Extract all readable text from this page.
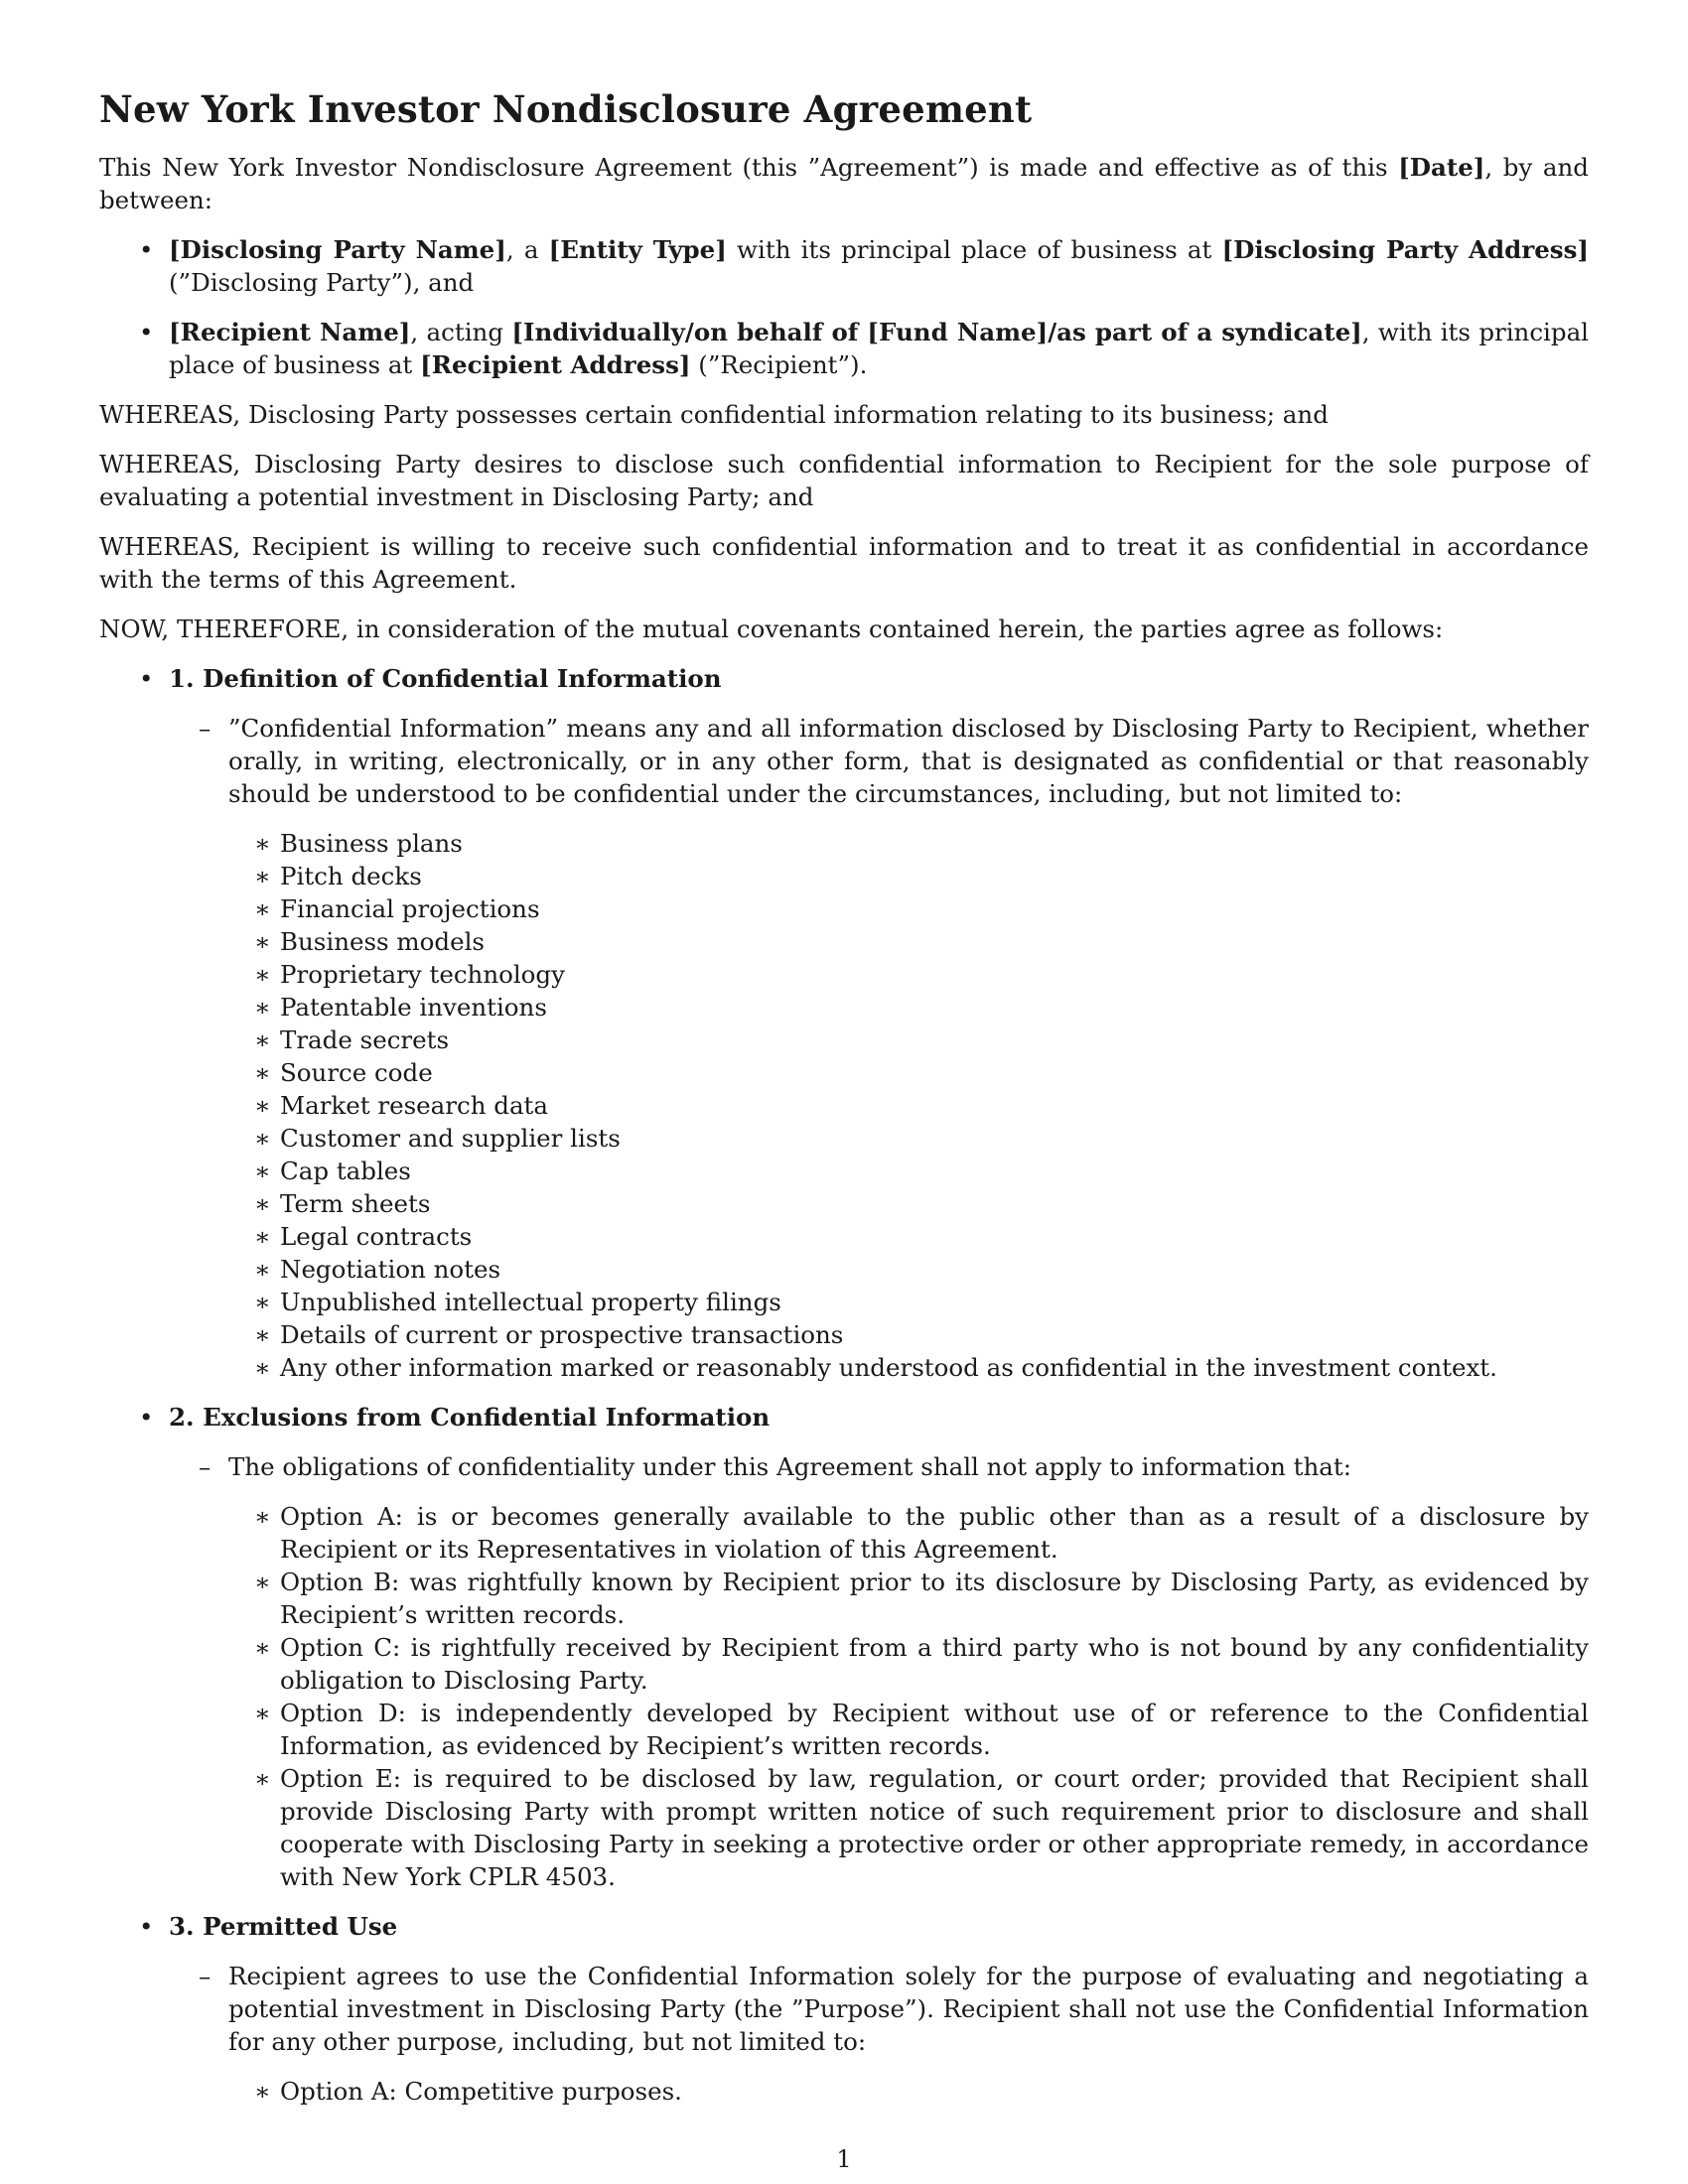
New York Investor Nondisclosure Agreement

This New York Investor Nondisclosure Agreement (this ”Agreement”) is made and effective as of this [Date], by and between:

• [Disclosing Party Name], a [Entity Type] with its principal place of business at [Disclosing Party Address] (”Disclosing Party”), and
• [Recipient Name], acting [Individually/on behalf of [Fund Name]/as part of a syndicate], with its principal place of business at [Recipient Address] (”Recipient”).

WHEREAS, Disclosing Party possesses certain confidential information relating to its business; and

WHEREAS, Disclosing Party desires to disclose such confidential information to Recipient for the sole purpose of evaluating a potential investment in Disclosing Party; and

WHEREAS, Recipient is willing to receive such confidential information and to treat it as confidential in accordance with the terms of this Agreement.

NOW, THEREFORE, in consideration of the mutual covenants contained herein, the parties agree as follows:

• 1. Definition of Confidential Information
– ”Confidential Information” means any and all information disclosed by Disclosing Party to Recipient, whether orally, in writing, electronically, or in any other form, that is designated as confidential or that reasonably should be understood to be confidential under the circumstances, including, but not limited to:
∗ Business plans
∗ Pitch decks
∗ Financial projections
∗ Business models
∗ Proprietary technology
∗ Patentable inventions
∗ Trade secrets
∗ Source code
∗ Market research data
∗ Customer and supplier lists
∗ Cap tables
∗ Term sheets
∗ Legal contracts
∗ Negotiation notes
∗ Unpublished intellectual property filings
∗ Details of current or prospective transactions
∗ Any other information marked or reasonably understood as confidential in the investment context.
• 2. Exclusions from Confidential Information
– The obligations of confidentiality under this Agreement shall not apply to information that:
∗ Option A: is or becomes generally available to the public other than as a result of a disclosure by Recipient or its Representatives in violation of this Agreement.
∗ Option B: was rightfully known by Recipient prior to its disclosure by Disclosing Party, as evidenced by Recipient’s written records.
∗ Option C: is rightfully received by Recipient from a third party who is not bound by any confidentiality obligation to Disclosing Party.
∗ Option D: is independently developed by Recipient without use of or reference to the Confidential Information, as evidenced by Recipient’s written records.
∗ Option E: is required to be disclosed by law, regulation, or court order; provided that Recipient shall provide Disclosing Party with prompt written notice of such requirement prior to disclosure and shall cooperate with Disclosing Party in seeking a protective order or other appropriate remedy, in accordance with New York CPLR 4503.
• 3. Permitted Use
– Recipient agrees to use the Confidential Information solely for the purpose of evaluating and negotiating a potential investment in Disclosing Party (the ”Purpose”). Recipient shall not use the Confidential Information for any other purpose, including, but not limited to:
∗ Option A: Competitive purposes.
1
